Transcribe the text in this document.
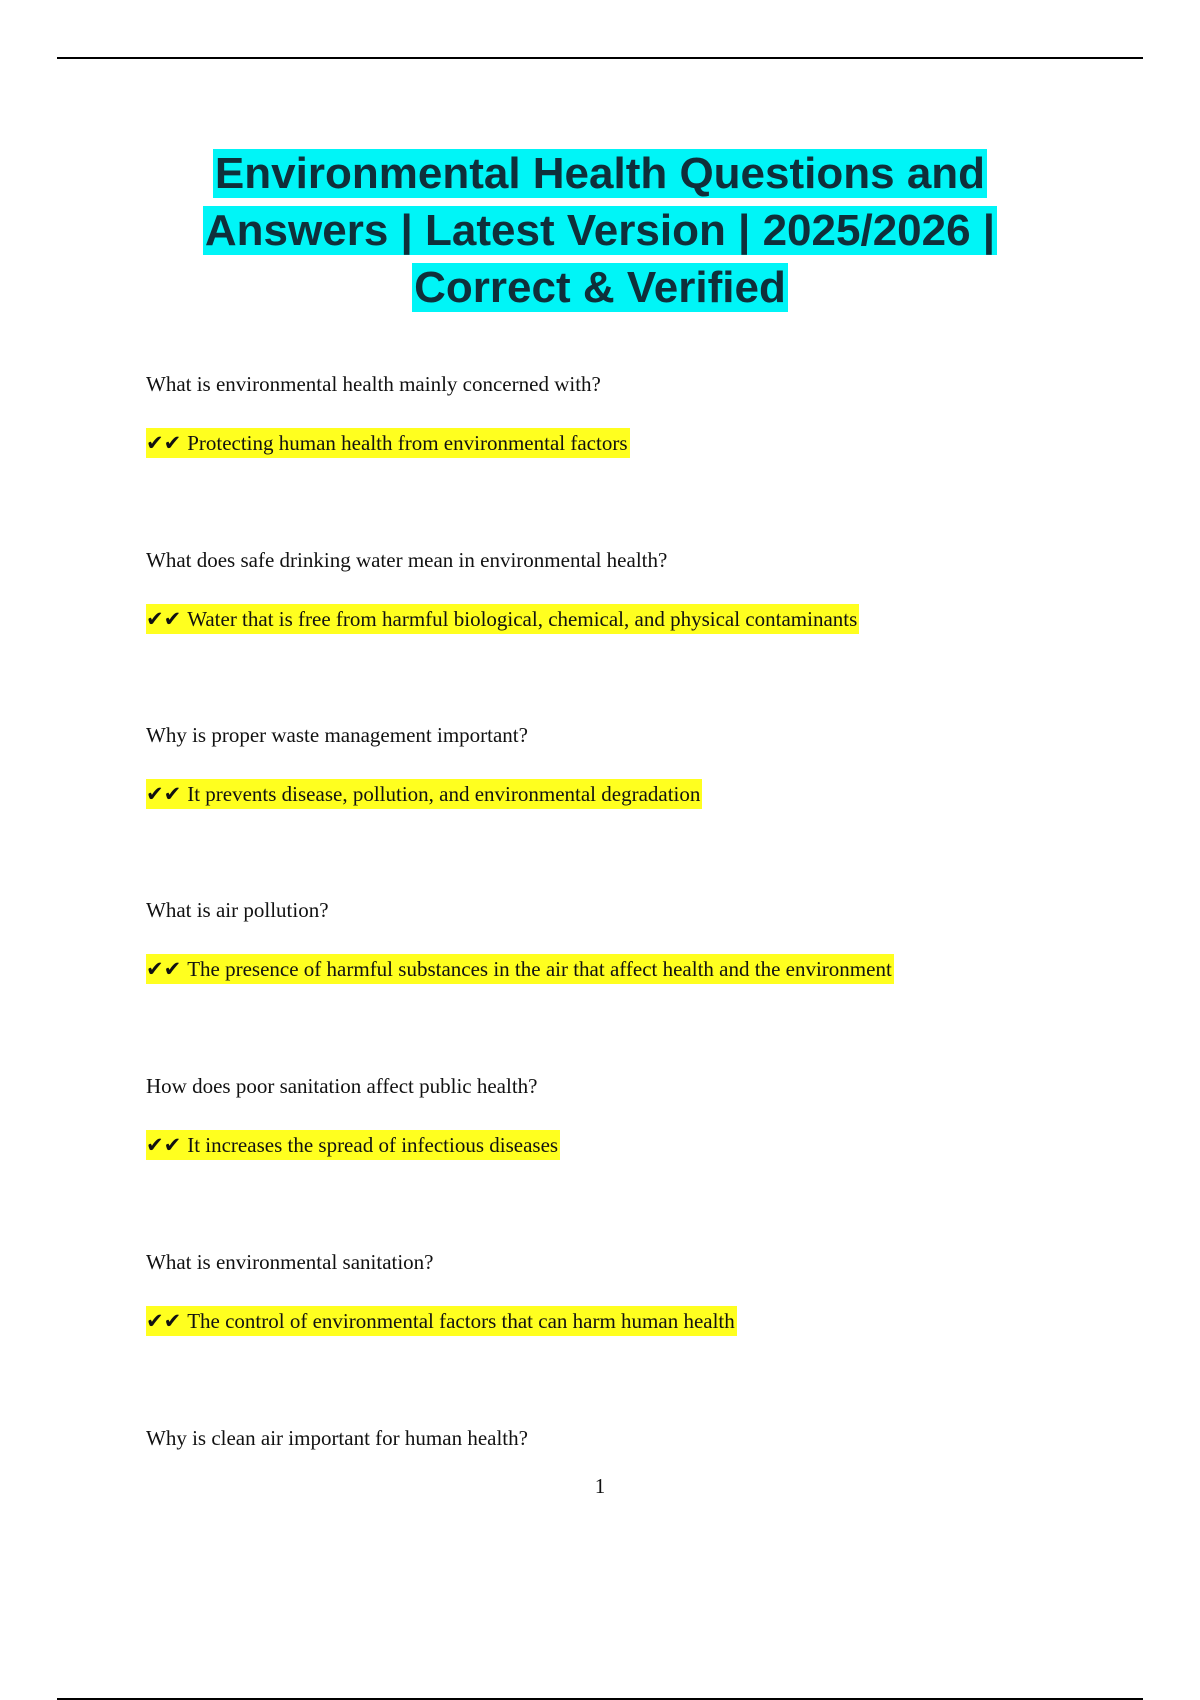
Environmental Health Questions and
Answers | Latest Version | 2025/2026 |
Correct & Verified
What is environmental health mainly concerned with?
✔✔ Protecting human health from environmental factors
What does safe drinking water mean in environmental health?
✔✔ Water that is free from harmful biological, chemical, and physical contaminants
Why is proper waste management important?
✔✔ It prevents disease, pollution, and environmental degradation
What is air pollution?
✔✔ The presence of harmful substances in the air that affect health and the environment
How does poor sanitation affect public health?
✔✔ It increases the spread of infectious diseases
What is environmental sanitation?
✔✔ The control of environmental factors that can harm human health
Why is clean air important for human health?
1
